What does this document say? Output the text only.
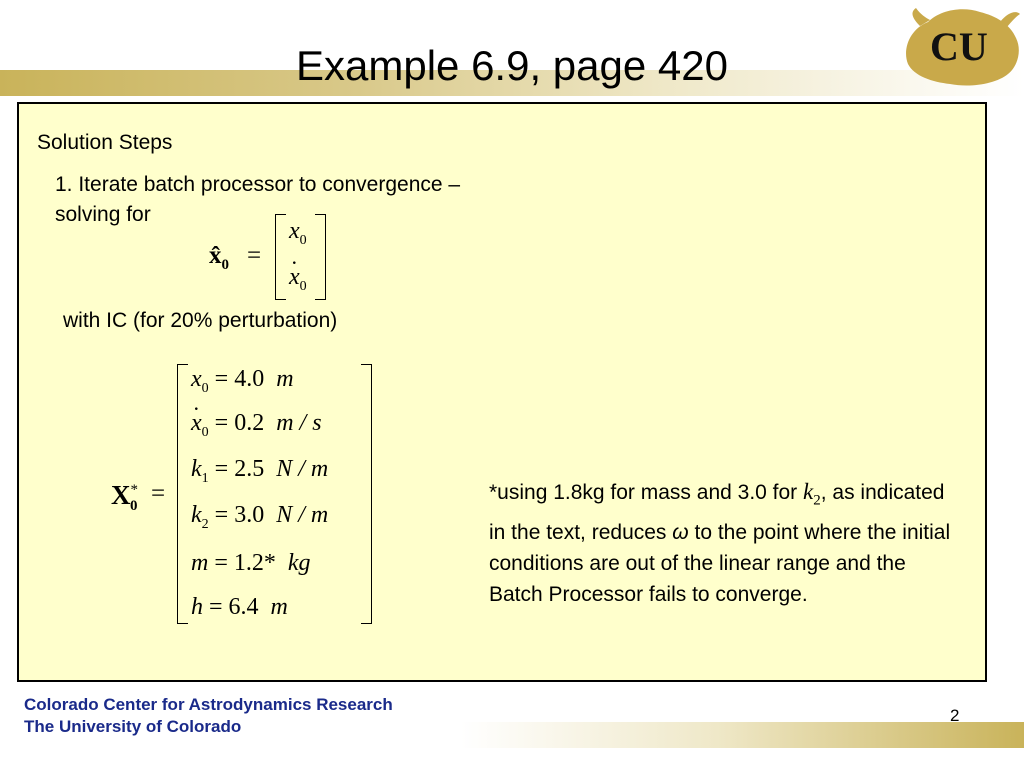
Example 6.9, page 420	CU
Solution Steps
1. Iterate batch processor to convergence –
solving for
$x̂_0$ =
$x_0$
$x \cdot_0$
with IC (for 20% perturbation)
$X^*_0$ =
$x_0 = 4.0$ m
$x \cdot_0 = 0.2$ m / s
$k_1 = 2.5$ N / m
$k_2 = 3.0$ N / m
m = 1.2* kg
h = 6.4 m
*using 1.8kg for mass and 3.0 for $k_2$, as indicated in the text, reduces ω to the point where the initial conditions are out of the linear range and the Batch Processor fails to converge.
Colorado Center for Astrodynamics Research
The University of Colorado
2
